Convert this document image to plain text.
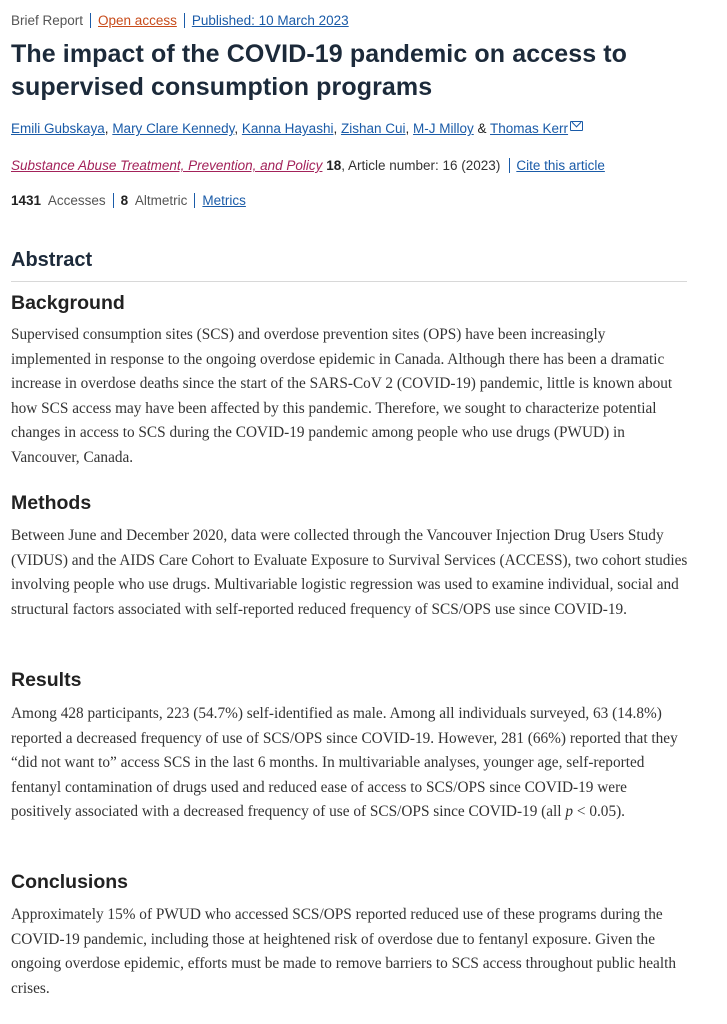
Brief Report Open access Published: 10 March 2023
The impact of the COVID-19 pandemic on access to supervised consumption programs
Emili Gubskaya, Mary Clare Kennedy, Kanna Hayashi, Zishan Cui, M-J Milloy & Thomas Kerr
Substance Abuse Treatment, Prevention, and Policy 18, Article number: 16 (2023) Cite this article
1431 Accesses 8 Altmetric Metrics
Abstract
Background

Supervised consumption sites (SCS) and overdose prevention sites (OPS) have been increasingly implemented in response to the ongoing overdose epidemic in Canada. Although there has been a dramatic increase in overdose deaths since the start of the SARS-CoV 2 (COVID-19) pandemic, little is known about how SCS access may have been affected by this pandemic. Therefore, we sought to characterize potential changes in access to SCS during the COVID-19 pandemic among people who use drugs (PWUD) in Vancouver, Canada.

Methods

Between June and December 2020, data were collected through the Vancouver Injection Drug Users Study (VIDUS) and the AIDS Care Cohort to Evaluate Exposure to Survival Services (ACCESS), two cohort studies involving people who use drugs. Multivariable logistic regression was used to examine individual, social and structural factors associated with self-reported reduced frequency of SCS/OPS use since COVID-19.

Results

Among 428 participants, 223 (54.7%) self-identified as male. Among all individuals surveyed, 63 (14.8%) reported a decreased frequency of use of SCS/OPS since COVID-19. However, 281 (66%) reported that they “did not want to” access SCS in the last 6 months. In multivariable analyses, younger age, self-reported fentanyl contamination of drugs used and reduced ease of access to SCS/OPS since COVID-19 were positively associated with a decreased frequency of use of SCS/OPS since COVID-19 (all p < 0.05).

Conclusions

Approximately 15% of PWUD who accessed SCS/OPS reported reduced use of these programs during the COVID-19 pandemic, including those at heightened risk of overdose due to fentanyl exposure. Given the ongoing overdose epidemic, efforts must be made to remove barriers to SCS access throughout public health crises.
